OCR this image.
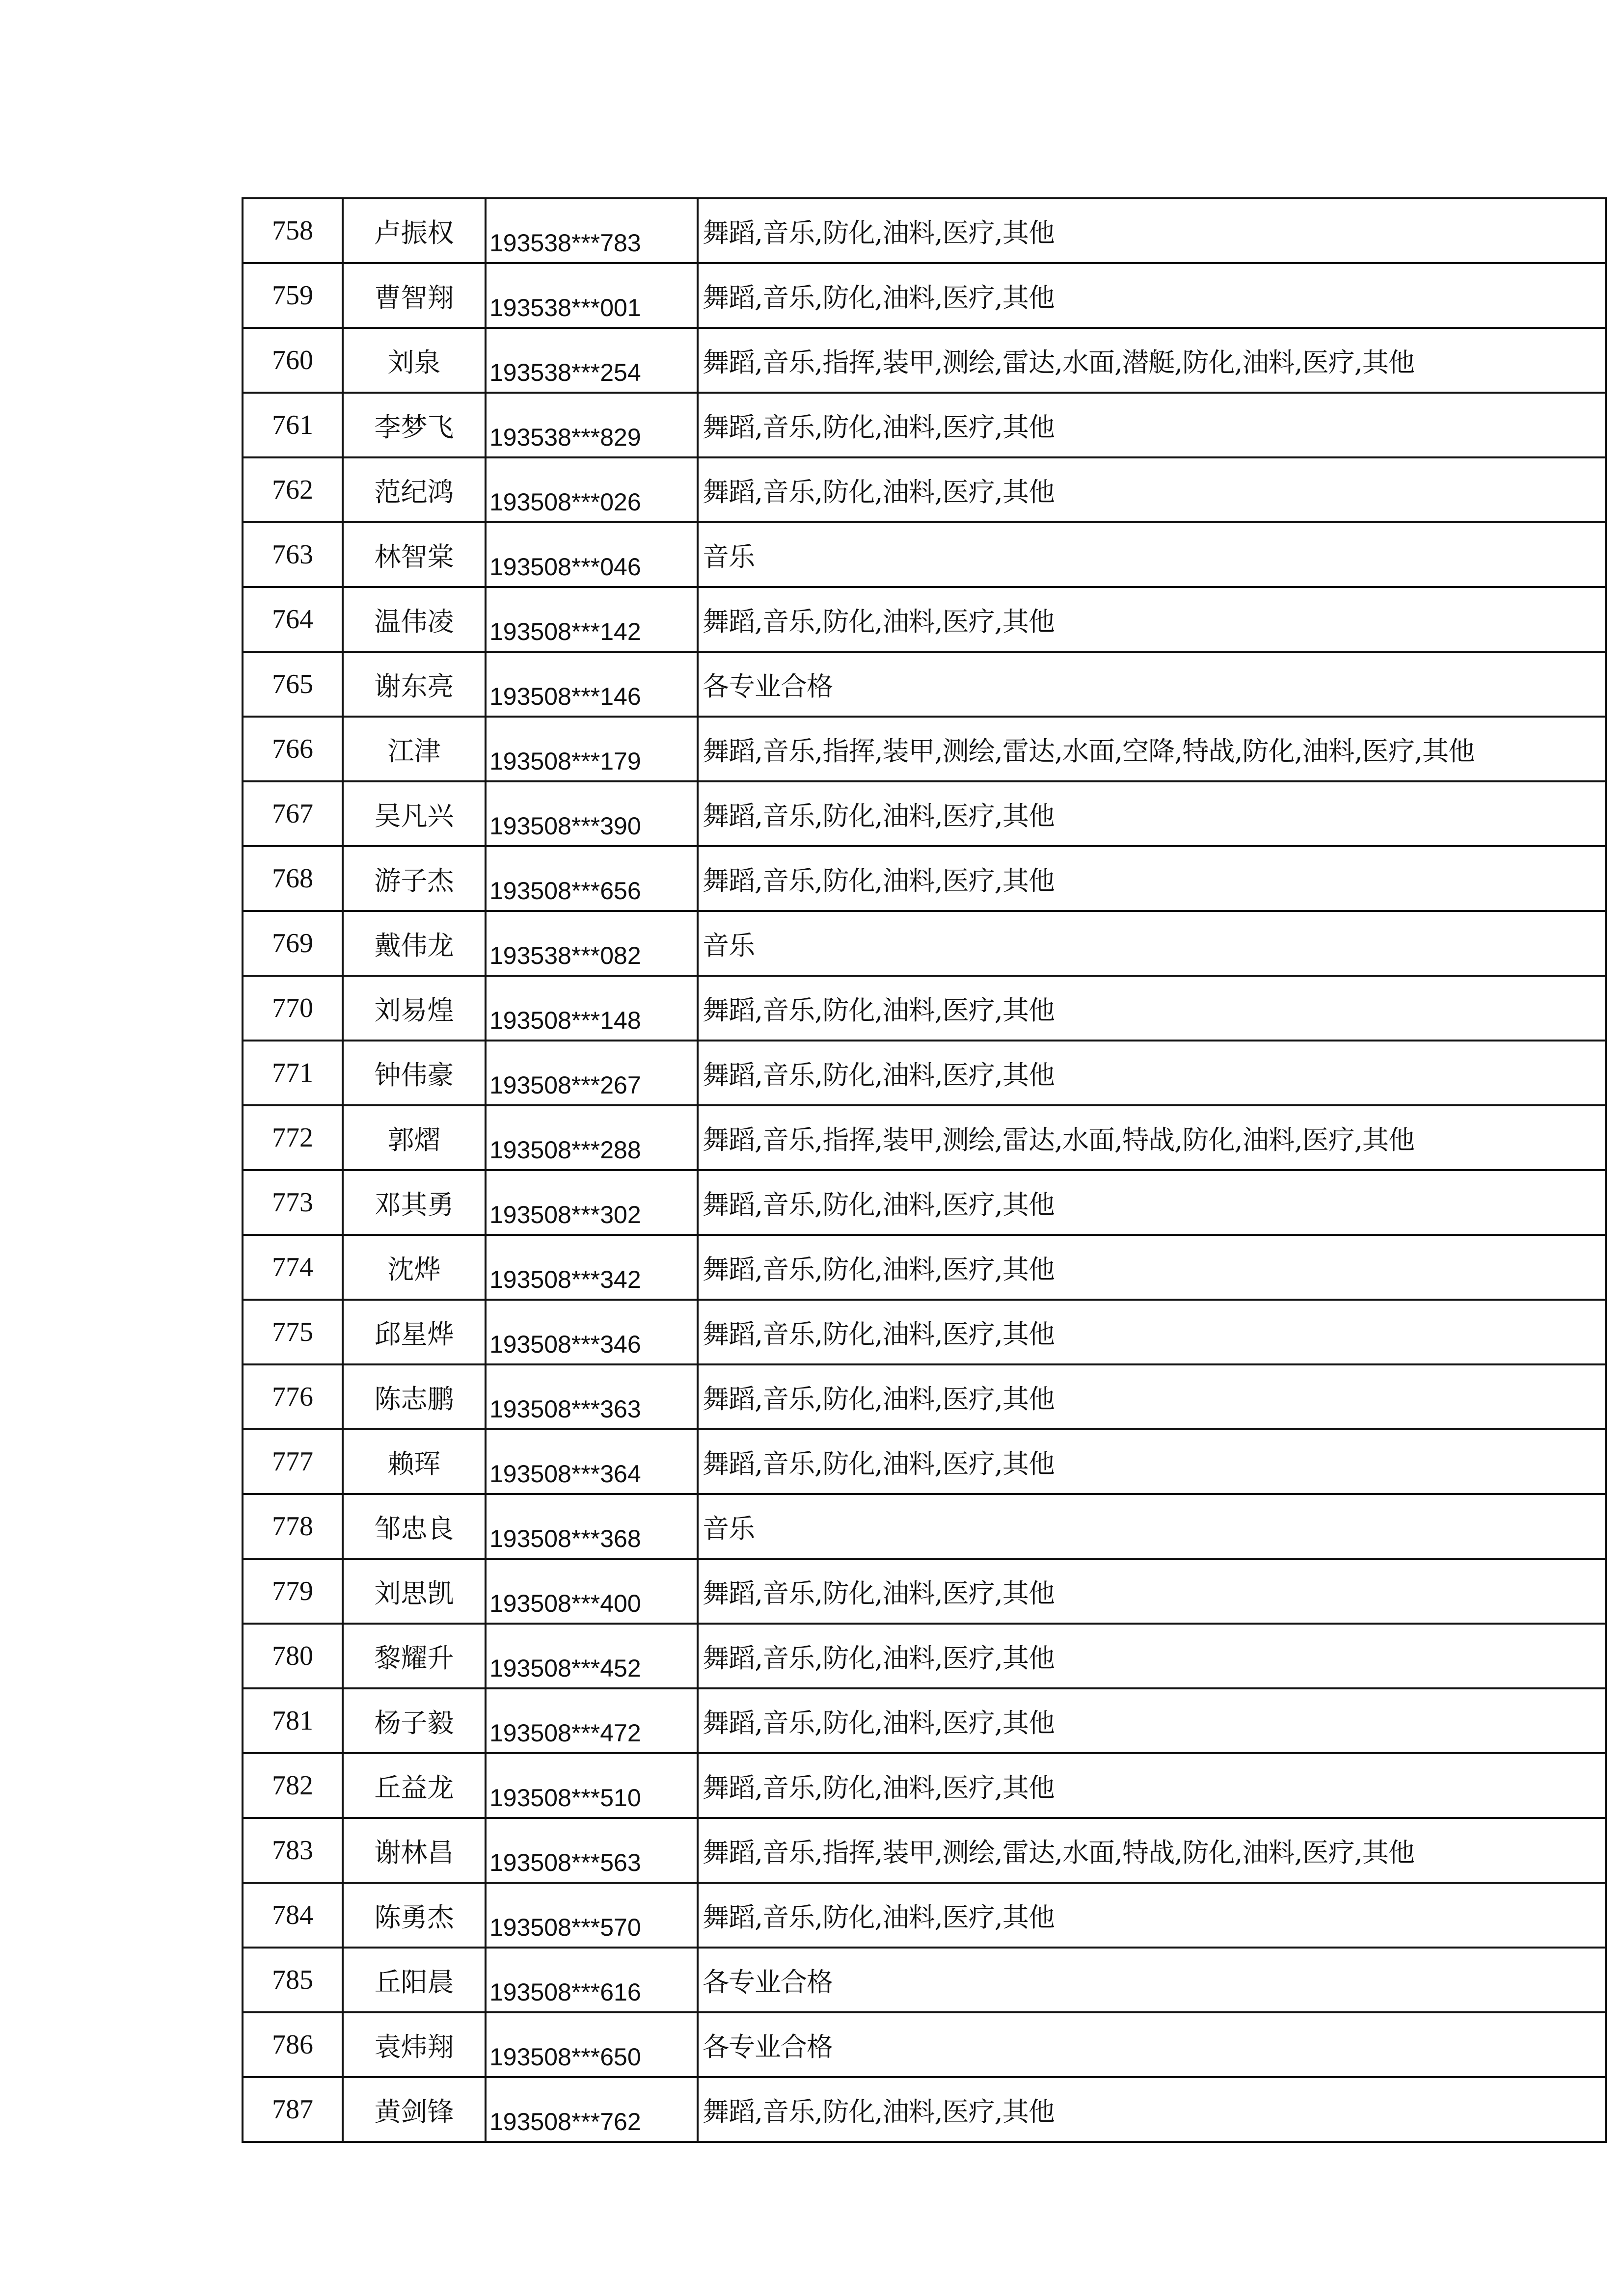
758	卢振权	193538***783	舞蹈,音乐,防化,油料,医疗,其他
759	曹智翔	193538***001	舞蹈,音乐,防化,油料,医疗,其他
760	刘泉	193538***254	舞蹈,音乐,指挥,装甲,测绘,雷达,水面,潜艇,防化,油料,医疗,其他
761	李梦飞	193538***829	舞蹈,音乐,防化,油料,医疗,其他
762	范纪鸿	193508***026	舞蹈,音乐,防化,油料,医疗,其他
763	林智棠	193508***046	音乐
764	温伟凌	193508***142	舞蹈,音乐,防化,油料,医疗,其他
765	谢东亮	193508***146	各专业合格
766	江津	193508***179	舞蹈,音乐,指挥,装甲,测绘,雷达,水面,空降,特战,防化,油料,医疗,其他
767	吴凡兴	193508***390	舞蹈,音乐,防化,油料,医疗,其他
768	游子杰	193508***656	舞蹈,音乐,防化,油料,医疗,其他
769	戴伟龙	193538***082	音乐
770	刘易煌	193508***148	舞蹈,音乐,防化,油料,医疗,其他
771	钟伟豪	193508***267	舞蹈,音乐,防化,油料,医疗,其他
772	郭熠	193508***288	舞蹈,音乐,指挥,装甲,测绘,雷达,水面,特战,防化,油料,医疗,其他
773	邓其勇	193508***302	舞蹈,音乐,防化,油料,医疗,其他
774	沈烨	193508***342	舞蹈,音乐,防化,油料,医疗,其他
775	邱星烨	193508***346	舞蹈,音乐,防化,油料,医疗,其他
776	陈志鹏	193508***363	舞蹈,音乐,防化,油料,医疗,其他
777	赖珲	193508***364	舞蹈,音乐,防化,油料,医疗,其他
778	邹忠良	193508***368	音乐
779	刘思凯	193508***400	舞蹈,音乐,防化,油料,医疗,其他
780	黎耀升	193508***452	舞蹈,音乐,防化,油料,医疗,其他
781	杨子毅	193508***472	舞蹈,音乐,防化,油料,医疗,其他
782	丘益龙	193508***510	舞蹈,音乐,防化,油料,医疗,其他
783	谢林昌	193508***563	舞蹈,音乐,指挥,装甲,测绘,雷达,水面,特战,防化,油料,医疗,其他
784	陈勇杰	193508***570	舞蹈,音乐,防化,油料,医疗,其他
785	丘阳晨	193508***616	各专业合格
786	袁炜翔	193508***650	各专业合格
787	黄剑锋	193508***762	舞蹈,音乐,防化,油料,医疗,其他
